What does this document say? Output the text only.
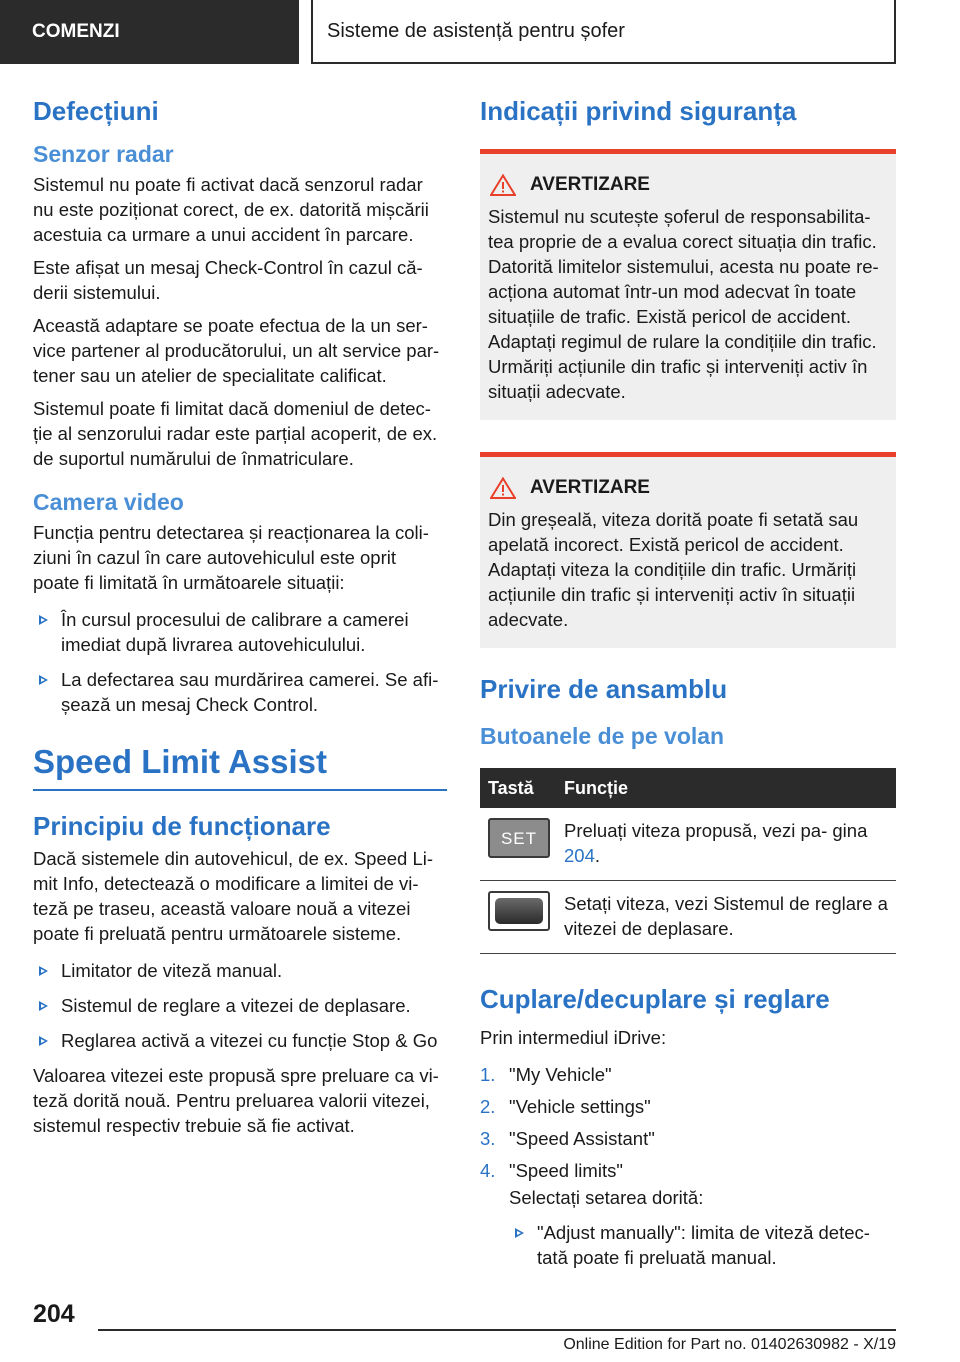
COMENZI	Sisteme de asistență pentru șofer
Defecțiuni
Senzor radar

Sistemul nu poate fi activat dacă senzorul radar nu este poziționat corect, de ex. datorită mișcării acestuia ca urmare a unui accident în parcare.

Este afișat un mesaj Check-Control în cazul că- derii sistemului.

Această adaptare se poate efectua de la un ser- vice partener al producătorului, un alt service par- tener sau un atelier de specialitate calificat.

Sistemul poate fi limitat dacă domeniul de detec- ție al senzorului radar este parțial acoperit, de ex. de suportul numărului de înmatriculare.

Camera video

Funcția pentru detectarea și reacționarea la coli- ziuni în cazul în care autovehiculul este oprit poate fi limitată în următoarele situații:

În cursul procesului de calibrare a camerei imediat după livrarea autovehiculului.
La defectarea sau murdărirea camerei. Se afi- șează un mesaj Check Control.
Speed Limit Assist
Principiu de funcționare

Dacă sistemele din autovehicul, de ex. Speed Li- mit Info, detectează o modificare a limitei de vi- teză pe traseu, această valoare nouă a vitezei poate fi preluată pentru următoarele sisteme.

Limitator de viteză manual.
Sistemul de reglare a vitezei de deplasare.
Reglarea activă a vitezei cu funcție Stop & Go

Valoarea vitezei este propusă spre preluare ca vi- teză dorită nouă. Pentru preluarea valorii vitezei, sistemul respectiv trebuie să fie activat.

Indicații privind siguranța
AVERTIZARE

Sistemul nu scutește șoferul de responsabilita- tea proprie de a evalua corect situația din trafic. Datorită limitelor sistemului, acesta nu poate re- acționa automat într-un mod adecvat în toate situațiile de trafic. Există pericol de accident. Adaptați regimul de rulare la condițiile din trafic. Urmăriți acțiunile din trafic și interveniți activ în situații adecvate.

AVERTIZARE

Din greșeală, viteza dorită poate fi setată sau apelată incorect. Există pericol de accident. Adaptați viteza la condițiile din trafic. Urmăriți acțiunile din trafic și interveniți activ în situații adecvate.

Privire de ansamblu
Butoanele de pe volan
Tastă	Funcție

SET	Preluați viteza propusă, vezi pa- gina 204.

	Setați viteza, vezi Sistemul de reglare a vitezei de deplasare.
Cuplare/decuplare și reglare

Prin intermediul iDrive:

1. "My Vehicle"
2. "Vehicle settings"
3. "Speed Assistant"
4. "Speed limits"
Selectați setarea dorită:
"Adjust manually": limita de viteză detec- tată poate fi preluată manual.
204
Online Edition for Part no. 01402630982 - X/19
